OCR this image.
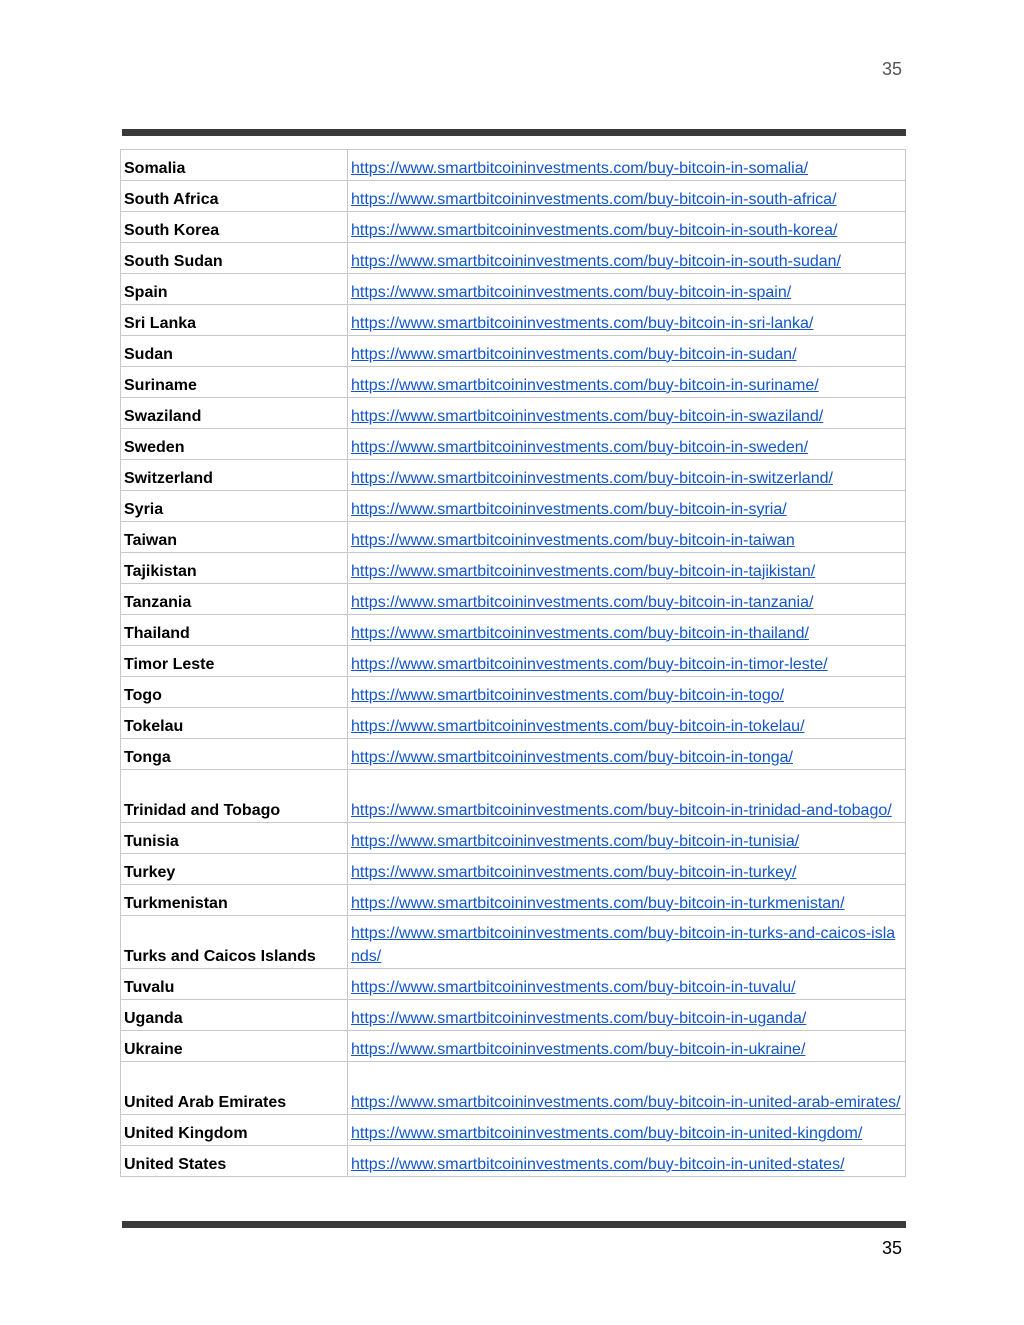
35
Somalia	https://www.smartbitcoininvestments.com/buy-bitcoin-in-somalia/
South Africa	https://www.smartbitcoininvestments.com/buy-bitcoin-in-south-africa/
South Korea	https://www.smartbitcoininvestments.com/buy-bitcoin-in-south-korea/
South Sudan	https://www.smartbitcoininvestments.com/buy-bitcoin-in-south-sudan/
Spain	https://www.smartbitcoininvestments.com/buy-bitcoin-in-spain/
Sri Lanka	https://www.smartbitcoininvestments.com/buy-bitcoin-in-sri-lanka/
Sudan	https://www.smartbitcoininvestments.com/buy-bitcoin-in-sudan/
Suriname	https://www.smartbitcoininvestments.com/buy-bitcoin-in-suriname/
Swaziland	https://www.smartbitcoininvestments.com/buy-bitcoin-in-swaziland/
Sweden	https://www.smartbitcoininvestments.com/buy-bitcoin-in-sweden/
Switzerland	https://www.smartbitcoininvestments.com/buy-bitcoin-in-switzerland/
Syria	https://www.smartbitcoininvestments.com/buy-bitcoin-in-syria/
Taiwan	https://www.smartbitcoininvestments.com/buy-bitcoin-in-taiwan
Tajikistan	https://www.smartbitcoininvestments.com/buy-bitcoin-in-tajikistan/
Tanzania	https://www.smartbitcoininvestments.com/buy-bitcoin-in-tanzania/
Thailand	https://www.smartbitcoininvestments.com/buy-bitcoin-in-thailand/
Timor Leste	https://www.smartbitcoininvestments.com/buy-bitcoin-in-timor-leste/
Togo	https://www.smartbitcoininvestments.com/buy-bitcoin-in-togo/
Tokelau	https://www.smartbitcoininvestments.com/buy-bitcoin-in-tokelau/
Tonga	https://www.smartbitcoininvestments.com/buy-bitcoin-in-tonga/
Trinidad and Tobago	https://www.smartbitcoininvestments.com/buy-bitcoin-in-trinidad-and-tobago/
Tunisia	https://www.smartbitcoininvestments.com/buy-bitcoin-in-tunisia/
Turkey	https://www.smartbitcoininvestments.com/buy-bitcoin-in-turkey/
Turkmenistan	https://www.smartbitcoininvestments.com/buy-bitcoin-in-turkmenistan/
Turks and Caicos Islands	https://www.smartbitcoininvestments.com/buy-bitcoin-in-turks-and-caicos-islands/
Tuvalu	https://www.smartbitcoininvestments.com/buy-bitcoin-in-tuvalu/
Uganda	https://www.smartbitcoininvestments.com/buy-bitcoin-in-uganda/
Ukraine	https://www.smartbitcoininvestments.com/buy-bitcoin-in-ukraine/
United Arab Emirates	https://www.smartbitcoininvestments.com/buy-bitcoin-in-united-arab-emirates/
United Kingdom	https://www.smartbitcoininvestments.com/buy-bitcoin-in-united-kingdom/
United States	https://www.smartbitcoininvestments.com/buy-bitcoin-in-united-states/
35
